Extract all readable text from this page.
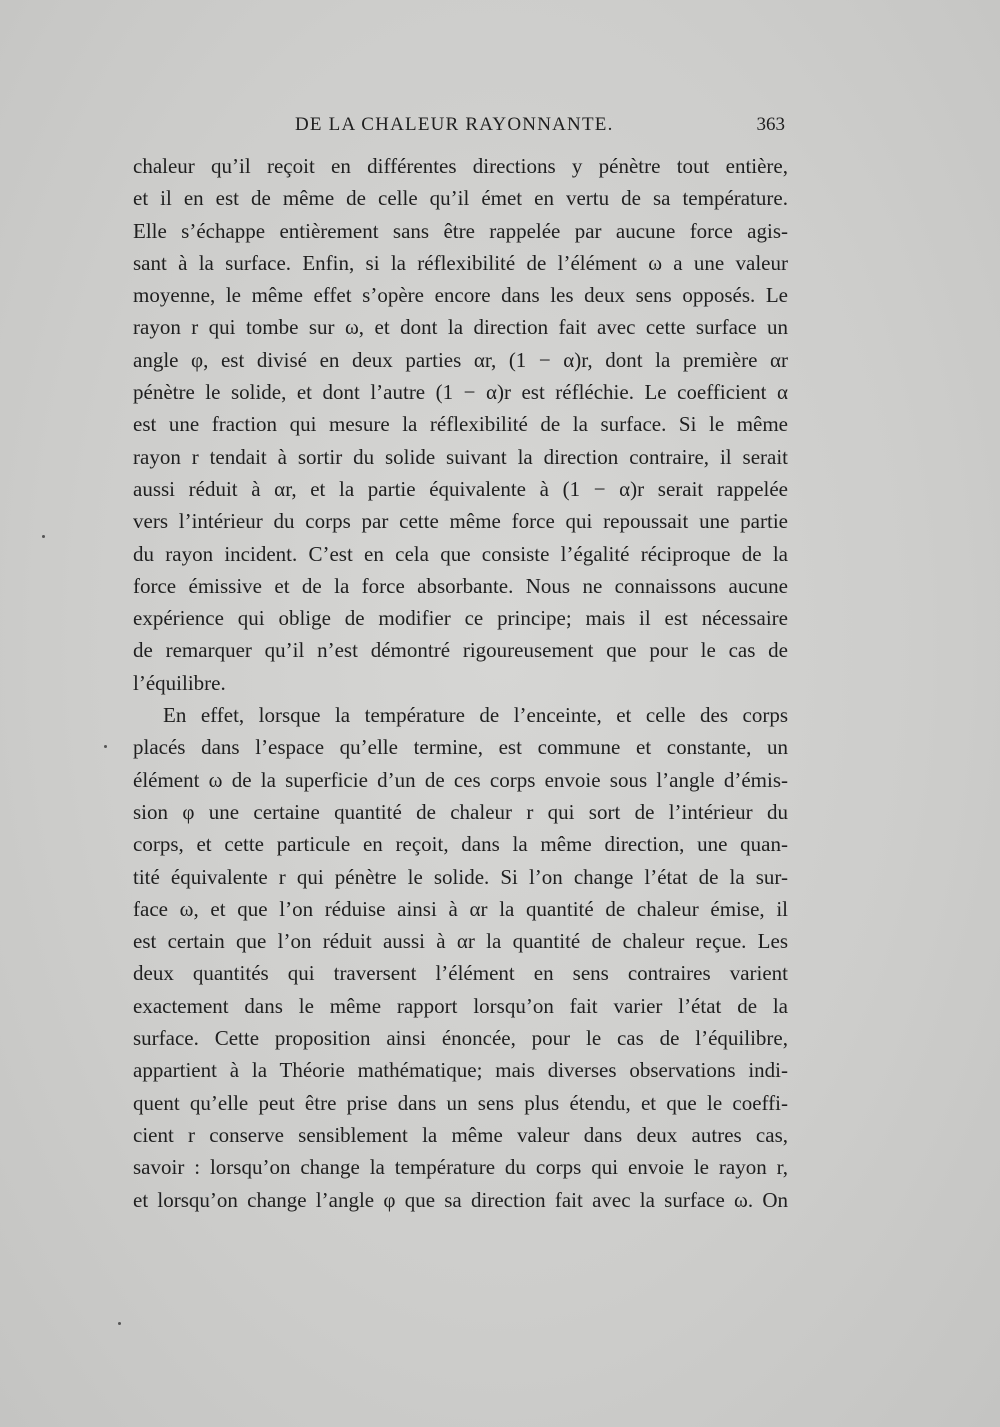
DE LA CHALEUR RAYONNANTE.	363
chaleur qu’il reçoit en différentes directions y pénètre tout entière,
et il en est de même de celle qu’il émet en vertu de sa température.
Elle s’échappe entièrement sans être rappelée par aucune force agis-
sant à la surface. Enfin, si la réflexibilité de l’élément ω a une valeur
moyenne, le même effet s’opère encore dans les deux sens opposés. Le
rayon r qui tombe sur ω, et dont la direction fait avec cette surface un
angle φ, est divisé en deux parties αr, (1 − α)r, dont la première αr
pénètre le solide, et dont l’autre (1 − α)r est réfléchie. Le coefficient α
est une fraction qui mesure la réflexibilité de la surface. Si le même
rayon r tendait à sortir du solide suivant la direction contraire, il serait
aussi réduit à αr, et la partie équivalente à (1 − α)r serait rappelée
vers l’intérieur du corps par cette même force qui repoussait une partie
du rayon incident. C’est en cela que consiste l’égalité réciproque de la
force émissive et de la force absorbante. Nous ne connaissons aucune
expérience qui oblige de modifier ce principe; mais il est nécessaire
de remarquer qu’il n’est démontré rigoureusement que pour le cas de
l’équilibre.
En effet, lorsque la température de l’enceinte, et celle des corps
placés dans l’espace qu’elle termine, est commune et constante, un
élément ω de la superficie d’un de ces corps envoie sous l’angle d’émis-
sion φ une certaine quantité de chaleur r qui sort de l’intérieur du
corps, et cette particule en reçoit, dans la même direction, une quan-
tité équivalente r qui pénètre le solide. Si l’on change l’état de la sur-
face ω, et que l’on réduise ainsi à αr la quantité de chaleur émise, il
est certain que l’on réduit aussi à αr la quantité de chaleur reçue. Les
deux quantités qui traversent l’élément en sens contraires varient
exactement dans le même rapport lorsqu’on fait varier l’état de la
surface. Cette proposition ainsi énoncée, pour le cas de l’équilibre,
appartient à la Théorie mathématique; mais diverses observations indi-
quent qu’elle peut être prise dans un sens plus étendu, et que le coeffi-
cient r conserve sensiblement la même valeur dans deux autres cas,
savoir : lorsqu’on change la température du corps qui envoie le rayon r,
et lorsqu’on change l’angle φ que sa direction fait avec la surface ω. On
